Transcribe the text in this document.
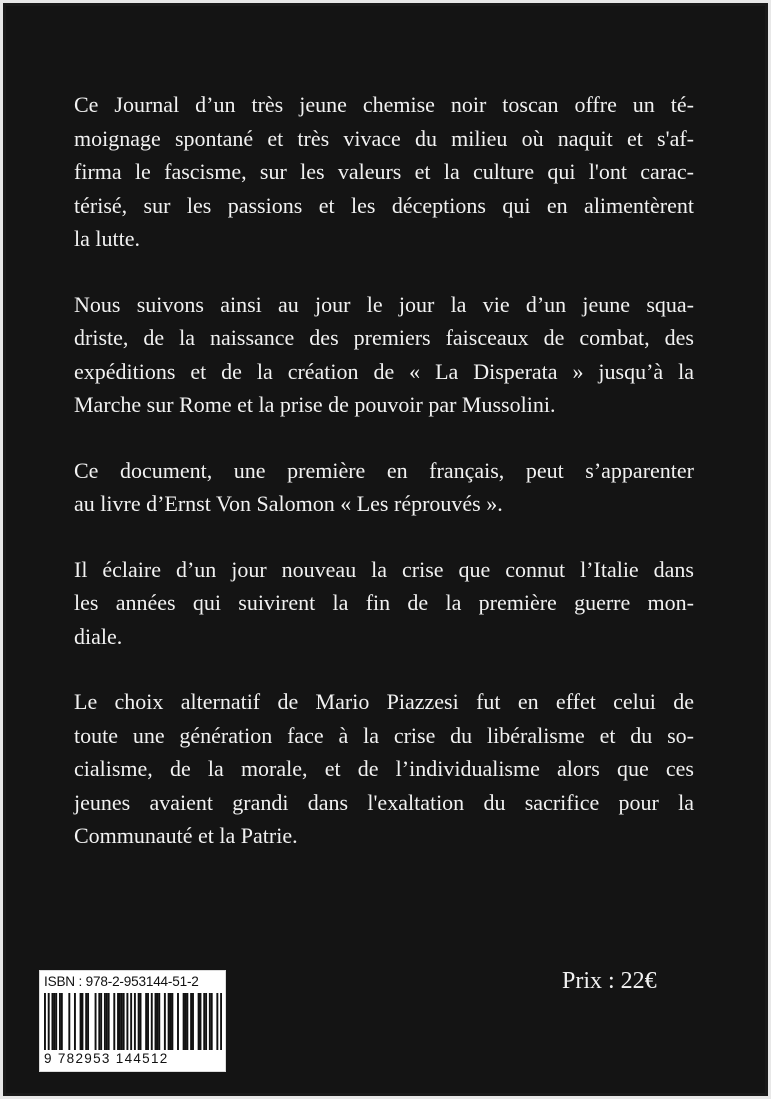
Ce Journal d’un très jeune chemise noir toscan offre un té-
moignage spontané et très vivace du milieu où naquit et s'af-
firma le fascisme, sur les valeurs et la culture qui l'ont carac-
térisé, sur les passions et les déceptions qui en alimentèrent
la lutte.

Nous suivons ainsi au jour le jour la vie d’un jeune squa-
driste, de la naissance des premiers faisceaux de combat, des
expéditions et de la création de « La Disperata » jusqu’à la
Marche sur Rome et la prise de pouvoir par Mussolini.

Ce document, une première en français, peut s’apparenter
au livre d’Ernst Von Salomon « Les réprouvés ».

Il éclaire d’un jour nouveau la crise que connut l’Italie dans
les années qui suivirent la fin de la première guerre mon-
diale.

Le choix alternatif de Mario Piazzesi fut en effet celui de
toute une génération face à la crise du libéralisme et du so-
cialisme, de la morale, et de l’individualisme alors que ces
jeunes avaient grandi dans l'exaltation du sacrifice pour la
Communauté et la Patrie.

ISBN : 978-2-953144-51-2
9 782953 144512
Prix : 22€
